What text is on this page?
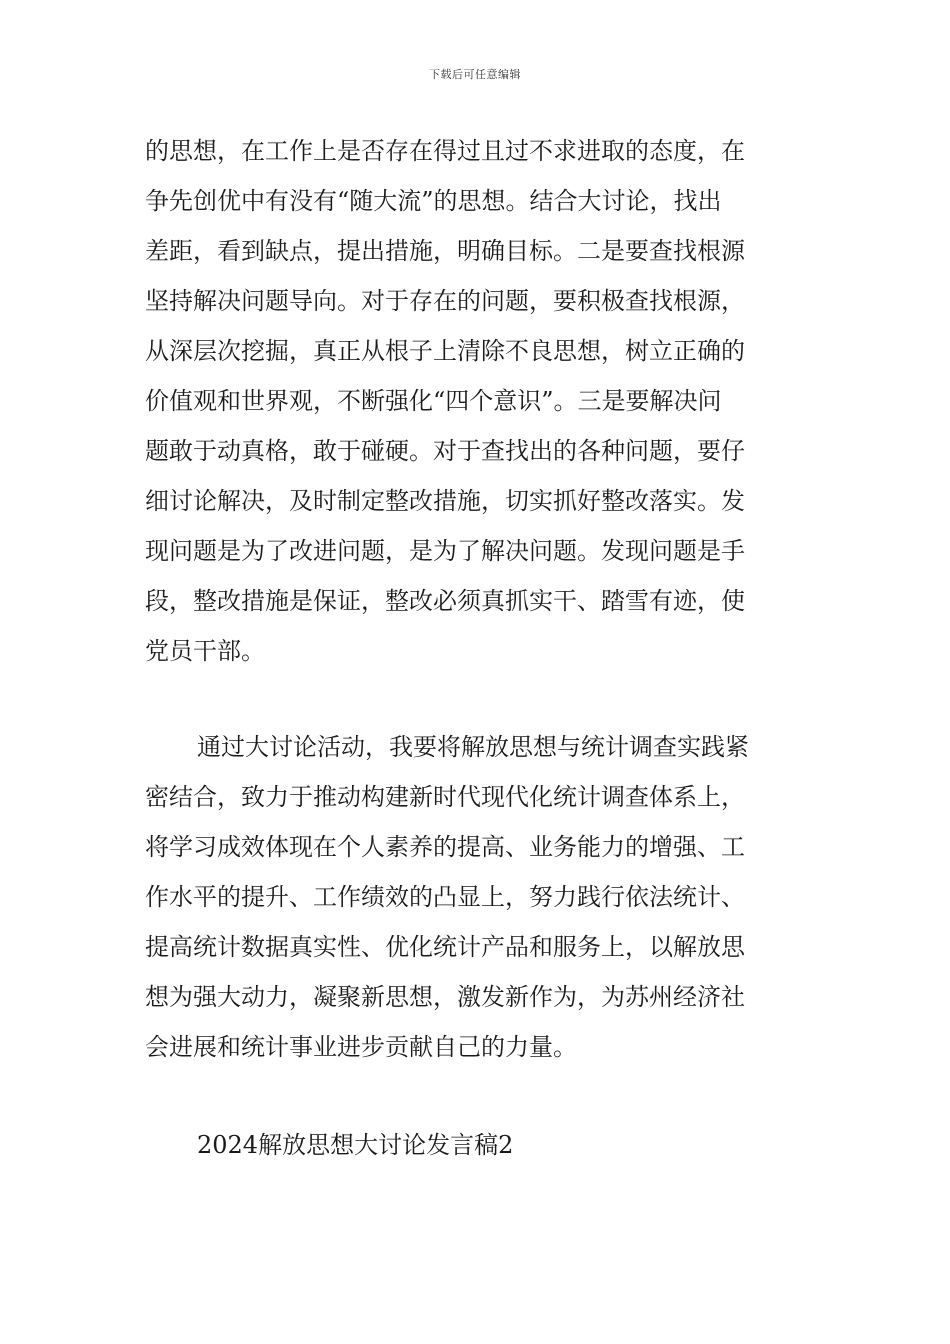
下载后可任意编辑
的思想，在工作上是否存在得过且过不求进取的态度，在
争先创优中有没有“随大流”的思想。结合大讨论，找出
差距，看到缺点，提出措施，明确目标。二是要查找根源
坚持解决问题导向。对于存在的问题，要积极查找根源，
从深层次挖掘，真正从根子上清除不良思想，树立正确的
价值观和世界观，不断强化“四个意识”。三是要解决问
题敢于动真格，敢于碰硬。对于查找出的各种问题，要仔
细讨论解决，及时制定整改措施，切实抓好整改落实。发
现问题是为了改进问题，是为了解决问题。发现问题是手
段，整改措施是保证，整改必须真抓实干、踏雪有迹，使
党员干部。
通过大讨论活动，我要将解放思想与统计调查实践紧
密结合，致力于推动构建新时代现代化统计调查体系上，
将学习成效体现在个人素养的提高、业务能力的增强、工
作水平的提升、工作绩效的凸显上，努力践行依法统计、
提高统计数据真实性、优化统计产品和服务上，以解放思
想为强大动力，凝聚新思想，激发新作为，为苏州经济社
会进展和统计事业进步贡献自己的力量。
2024解放思想大讨论发言稿2
